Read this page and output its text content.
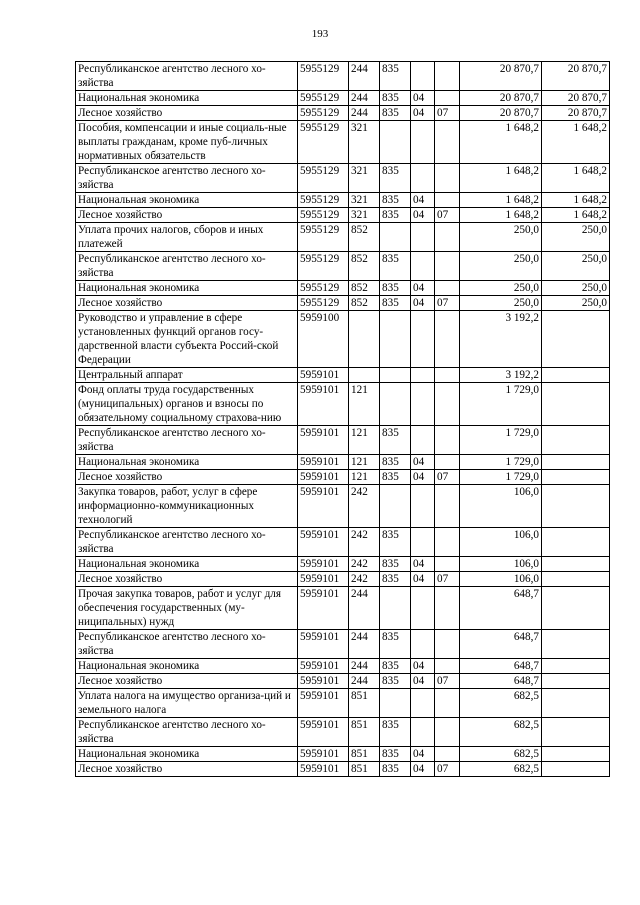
193
Республиканское агентство лесного хо-зяйства	5955129	244	835			20 870,7	20 870,7
Национальная экономика	5955129	244	835	04		20 870,7	20 870,7
Лесное хозяйство	5955129	244	835	04	07	20 870,7	20 870,7
Пособия, компенсации и иные социаль-ные выплаты гражданам, кроме пуб-личных нормативных обязательств	5955129	321				1 648,2	1 648,2
Республиканское агентство лесного хо-зяйства	5955129	321	835			1 648,2	1 648,2
Национальная экономика	5955129	321	835	04		1 648,2	1 648,2
Лесное хозяйство	5955129	321	835	04	07	1 648,2	1 648,2
Уплата прочих налогов, сборов и иных платежей	5955129	852				250,0	250,0
Республиканское агентство лесного хо-зяйства	5955129	852	835			250,0	250,0
Национальная экономика	5955129	852	835	04		250,0	250,0
Лесное хозяйство	5955129	852	835	04	07	250,0	250,0
Руководство и управление в сфере установленных функций органов госу-дарственной власти субъекта Россий-ской Федерации	5959100					3 192,2	
Центральный аппарат	5959101					3 192,2	
Фонд оплаты труда государственных (муниципальных) органов и взносы по обязательному социальному страхова-нию	5959101	121				1 729,0	
Республиканское агентство лесного хо-зяйства	5959101	121	835			1 729,0	
Национальная экономика	5959101	121	835	04		1 729,0	
Лесное хозяйство	5959101	121	835	04	07	1 729,0	
Закупка товаров, работ, услуг в сфере информационно-коммуникационных технологий	5959101	242				106,0	
Республиканское агентство лесного хо-зяйства	5959101	242	835			106,0	
Национальная экономика	5959101	242	835	04		106,0	
Лесное хозяйство	5959101	242	835	04	07	106,0	
Прочая закупка товаров, работ и услуг для обеспечения государственных (му-ниципальных) нужд	5959101	244				648,7	
Республиканское агентство лесного хо-зяйства	5959101	244	835			648,7	
Национальная экономика	5959101	244	835	04		648,7	
Лесное хозяйство	5959101	244	835	04	07	648,7	
Уплата налога на имущество организа-ций и земельного налога	5959101	851				682,5	
Республиканское агентство лесного хо-зяйства	5959101	851	835			682,5	
Национальная экономика	5959101	851	835	04		682,5	
Лесное хозяйство	5959101	851	835	04	07	682,5	
